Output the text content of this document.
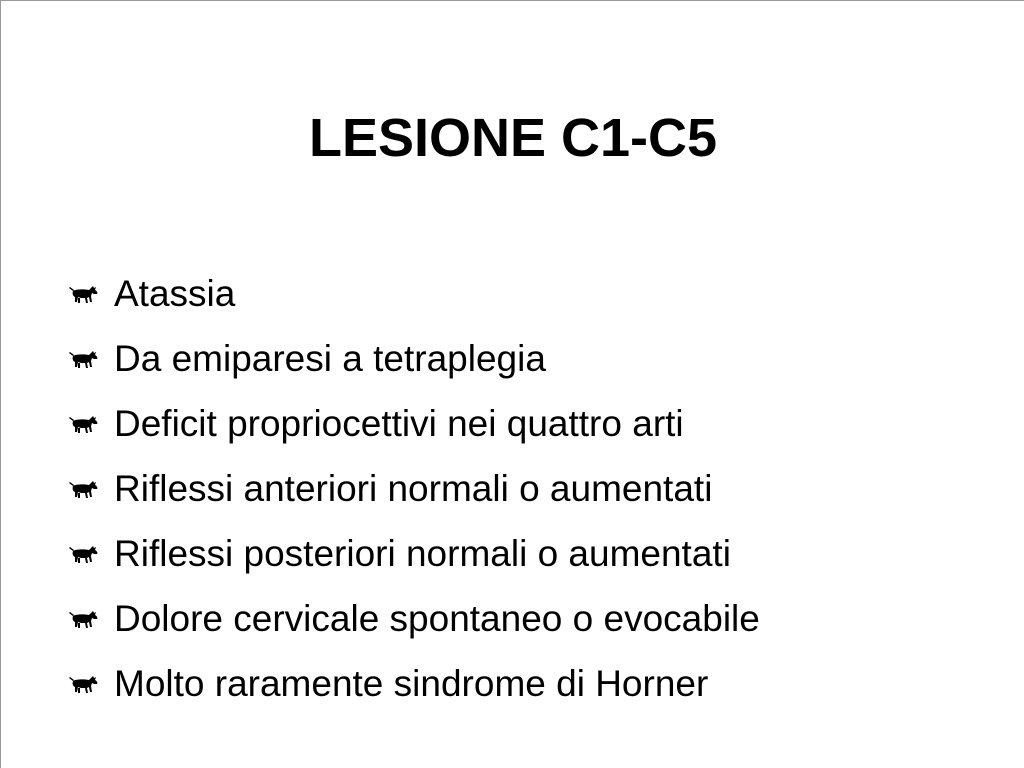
LESIONE C1-C5
Atassia
Da emiparesi a tetraplegia
Deficit propriocettivi nei quattro arti
Riflessi anteriori normali o aumentati
Riflessi posteriori normali o aumentati
Dolore cervicale spontaneo o evocabile
Molto raramente sindrome di Horner
